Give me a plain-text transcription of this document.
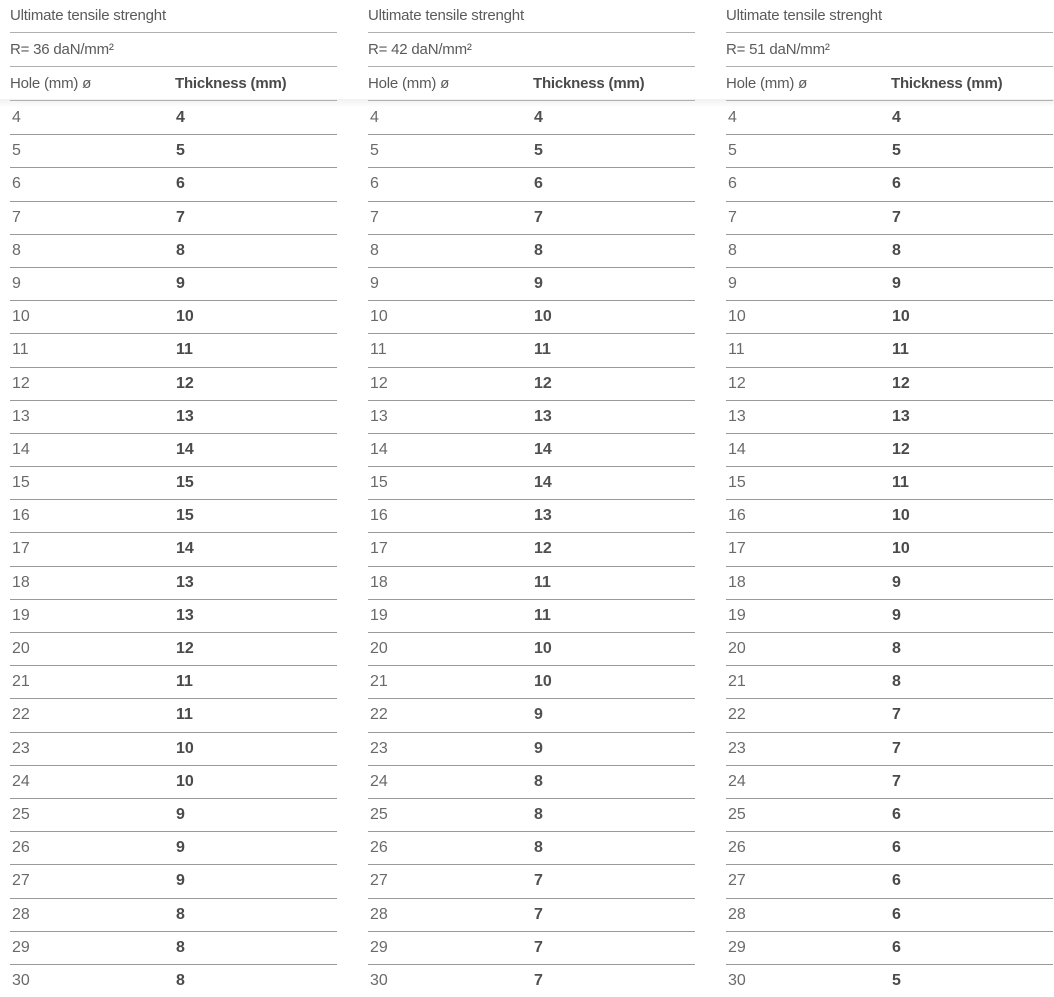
Ultimate tensile strenght
R= 36 daN/mm²
Hole (mm) ø	Thickness (mm)
4	4
5	5
6	6
7	7
8	8
9	9
10	10
11	11
12	12
13	13
14	14
15	15
16	15
17	14
18	13
19	13
20	12
21	11
22	11
23	10
24	10
25	9
26	9
27	9
28	8
29	8
30	8
Ultimate tensile strenght
R= 42 daN/mm²
Hole (mm) ø	Thickness (mm)
4	4
5	5
6	6
7	7
8	8
9	9
10	10
11	11
12	12
13	13
14	14
15	14
16	13
17	12
18	11
19	11
20	10
21	10
22	9
23	9
24	8
25	8
26	8
27	7
28	7
29	7
30	7
Ultimate tensile strenght
R= 51 daN/mm²
Hole (mm) ø	Thickness (mm)
4	4
5	5
6	6
7	7
8	8
9	9
10	10
11	11
12	12
13	13
14	12
15	11
16	10
17	10
18	9
19	9
20	8
21	8
22	7
23	7
24	7
25	6
26	6
27	6
28	6
29	6
30	5
